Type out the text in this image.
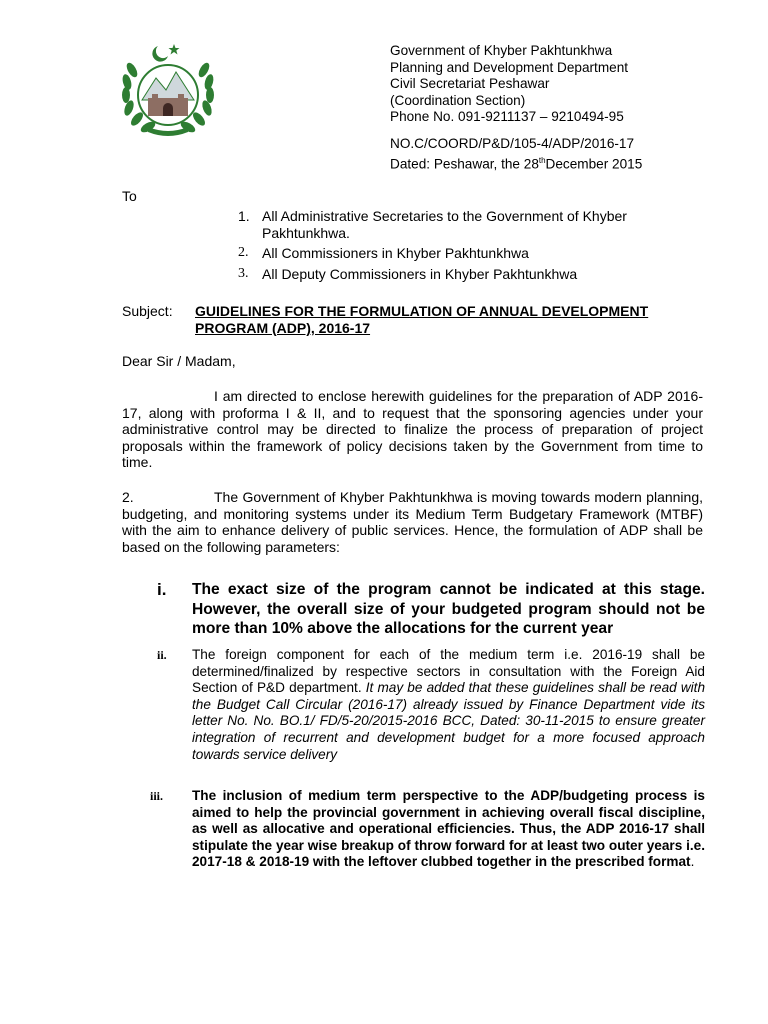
Government of Khyber Pakhtunkhwa
Planning and Development Department
Civil Secretariat Peshawar
(Coordination Section)
Phone No. 091-9211137 – 9210494-95
NO.C/COORD/P&D/105-4/ADP/2016-17
Dated: Peshawar, the 28thDecember 2015
To
1. All Administrative Secretaries to the Government of Khyber Pakhtunkhwa.
2. All Commissioners in Khyber Pakhtunkhwa
3. All Deputy Commissioners in Khyber Pakhtunkhwa
Subject: GUIDELINES FOR THE FORMULATION OF ANNUAL DEVELOPMENT PROGRAM (ADP), 2016-17
Dear Sir / Madam,
I am directed to enclose herewith guidelines for the preparation of ADP 2016-17, along with proforma I & II, and to request that the sponsoring agencies under your administrative control may be directed to finalize the process of preparation of project proposals within the framework of policy decisions taken by the Government from time to time.
2.	The Government of Khyber Pakhtunkhwa is moving towards modern planning, budgeting, and monitoring systems under its Medium Term Budgetary Framework (MTBF) with the aim to enhance delivery of public services. Hence, the formulation of ADP shall be based on the following parameters:
i. The exact size of the program cannot be indicated at this stage. However, the overall size of your budgeted program should not be more than 10% above the allocations for the current year
ii. The foreign component for each of the medium term i.e. 2016-19 shall be determined/finalized by respective sectors in consultation with the Foreign Aid Section of P&D department. It may be added that these guidelines shall be read with the Budget Call Circular (2016-17) already issued by Finance Department vide its letter No. No. BO.1/ FD/5-20/2015-2016 BCC, Dated: 30-11-2015 to ensure greater integration of recurrent and development budget for a more focused approach towards service delivery
iii. The inclusion of medium term perspective to the ADP/budgeting process is aimed to help the provincial government in achieving overall fiscal discipline, as well as allocative and operational efficiencies. Thus, the ADP 2016-17 shall stipulate the year wise breakup of throw forward for at least two outer years i.e. 2017-18 & 2018-19 with the leftover clubbed together in the prescribed format.
